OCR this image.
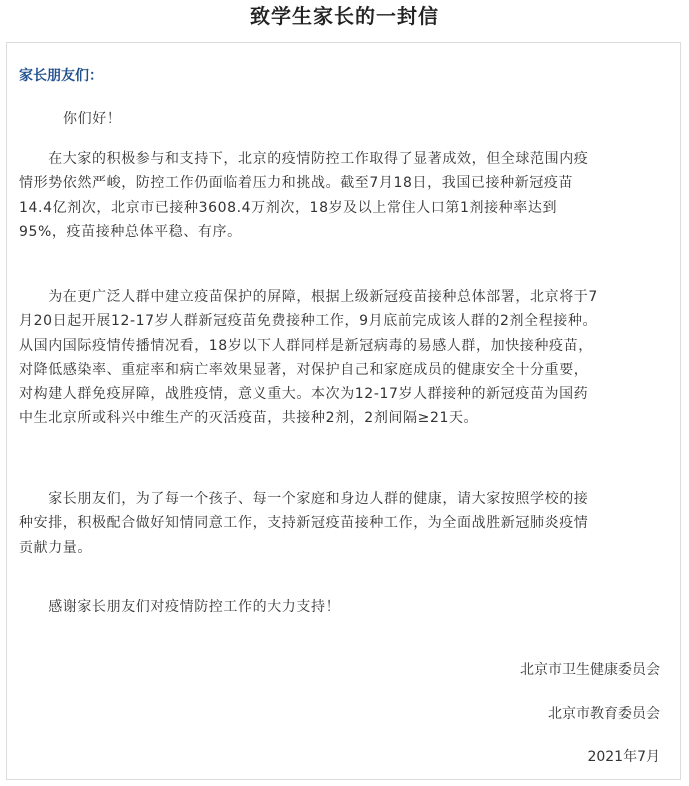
致学生家长的一封信
家长朋友们：

你们好！

　　在大家的积极参与和支持下，北京的疫情防控工作取得了显著成效，但全球范围内疫
情形势依然严峻，防控工作仍面临着压力和挑战。截至7月18日，我国已接种新冠疫苗
14.4亿剂次，北京市已接种3608.4万剂次，18岁及以上常住人口第1剂接种率达到
95%，疫苗接种总体平稳、有序。

　　为在更广泛人群中建立疫苗保护的屏障，根据上级新冠疫苗接种总体部署，北京将于7
月20日起开展12-17岁人群新冠疫苗免费接种工作，9月底前完成该人群的2剂全程接种。
从国内国际疫情传播情况看，18岁以下人群同样是新冠病毒的易感人群，加快接种疫苗，
对降低感染率、重症率和病亡率效果显著，对保护自己和家庭成员的健康安全十分重要，
对构建人群免疫屏障，战胜疫情，意义重大。本次为12-17岁人群接种的新冠疫苗为国药
中生北京所或科兴中维生产的灭活疫苗，共接种2剂，2剂间隔≥21天。

　　家长朋友们，为了每一个孩子、每一个家庭和身边人群的健康，请大家按照学校的接
种安排，积极配合做好知情同意工作，支持新冠疫苗接种工作，为全面战胜新冠肺炎疫情
贡献力量。

　　感谢家长朋友们对疫情防控工作的大力支持！

北京市卫生健康委员会
北京市教育委员会
2021年7月
